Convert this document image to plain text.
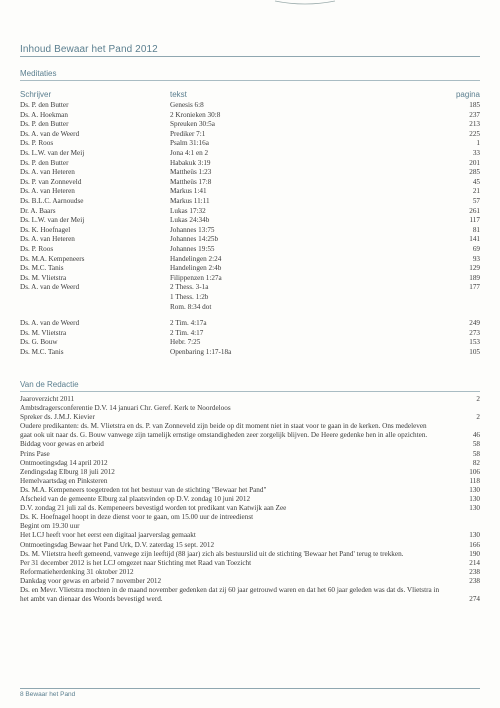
Inhoud Bewaar het Pand 2012
Meditaties
Schrijver	tekst	pagina
Ds. P. den Butter	Genesis 6:8	185
Ds. A. Hoekman	2 Kronieken 30:8	237
Ds. P. den Butter	Spreuken 30:5a	213
Ds. A. van de Weerd	Prediker 7:1	225
Ds. P. Roos	Psalm 31:16a	1
Ds. L.W. van der Meij	Jona 4:1 en 2	33
Ds. P. den Butter	Habakuk 3:19	201
Ds. A. van Heteren	Mattheüs 1:23	285
Ds. P. van Zonneveld	Mattheüs 17:8	45
Ds. A. van Heteren	Markus 1:41	21
Ds. B.L.C. Aarnoudse	Markus 11:11	57
Dr. A. Baars	Lukas 17:32	261
Ds. L.W. van der Meij	Lukas 24:34b	117
Ds. K. Hoefnagel	Johannes 13:75	81
Ds. A. van Heteren	Johannes 14:25b	141
Ds. P. Roos	Johannes 19:55	69
Ds. M.A. Kempeneers	Handelingen 2:24	93
Ds. M.C. Tanis	Handelingen 2:4b	129
Ds. M. Vlietstra	Filippenzen 1:27a	189
Ds. A. van de Weerd	2 Thess. 3-1a	177
1 Thess. 1:2b
Rom. 8:34 dot
Ds. A. van de Weerd	2 Tim. 4:17a	249
Ds. M. Vlietstra	2 Tim. 4:17	273
Ds. G. Bouw	Hebr. 7:25	153
Ds. M.C. Tanis	Openbaring 1:17-18a	105
Van de Redactie
Jaaroverzicht 2011	2
Ambtsdragersconferentie D.V. 14 januari Chr. Geref. Kerk te Noordeloos
Spreker ds. J.M.J. Kievier	2
Oudere predikanten: ds. M. Vlietstra en ds. P. van Zonneveld zijn beide op dit moment niet in staat voor te gaan in de kerken. Ons medeleven gaat ook uit naar ds. G. Bouw vanwege zijn tamelijk ernstige omstandigheden zeer zorgelijk blijven. De Heere gedenke hen in alle opzichten.	46
Biddag voor gewas en arbeid	58
Prins Pase	58
Ontmoetingsdag 14 april 2012	82
Zendingsdag Elburg 18 juli 2012	106
Hemelvaartsdag en Pinksteren	118
Ds. M.A. Kempeneers toegetreden tot het bestuur van de stichting "Bewaar het Pand"	130
Afscheid van de gemeente Elburg zal plaatsvinden op D.V. zondag 10 juni 2012	130
D.V. zondag 21 juli zal ds. Kempeneers bevestigd worden tot predikant van Katwijk aan Zee	130
Ds. K. Hoefnagel hoopt in deze dienst voor te gaan, om 15.00 uur de intreedienst
Begint om 19.30 uur
Het LCJ heeft voor het eerst een digitaal jaarverslag gemaakt	130
Ontmoetingsdag Bewaar het Pand Urk, D.V. zaterdag 15 sept. 2012	166
Ds. M. Vlietstra heeft gemeend, vanwege zijn leeftijd (88 jaar) zich als bestuurslid uit de stichting 'Bewaar het Pand' terug te trekken.	190
Per 31 december 2012 is het LCJ omgezet naar Stichting met Raad van Toezicht	214
Reformatieherdenking 31 oktober 2012	238
Dankdag voor gewas en arbeid 7 november 2012	238
Ds. en Mevr. Vlietstra mochten in de maand november gedenken dat zij 60 jaar getrouwd waren en dat het 60 jaar geleden was dat ds. Vlietstra in het ambt van dienaar des Woords bevestigd werd.	274
8 Bewaar het Pand
